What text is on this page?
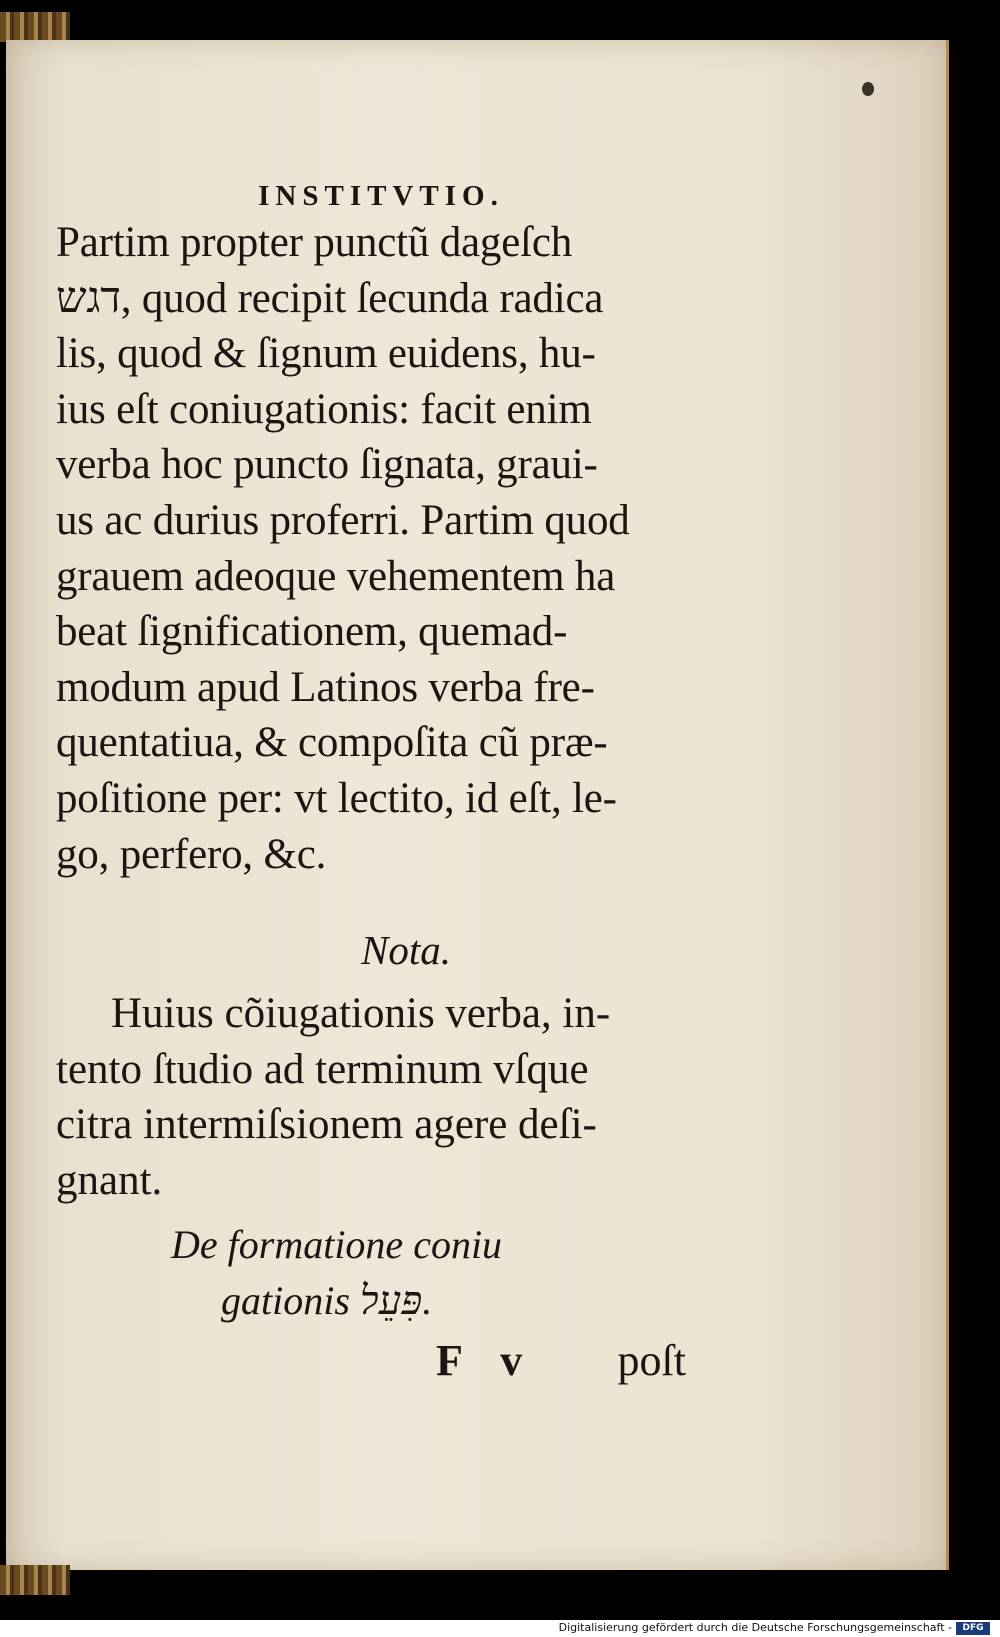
INSTITVTIO.

Partim propter punctũ dageſch
דגש, quod recipit ſecunda radica
lis, quod & ſignum euidens, hu-
ius eſt coniugationis: facit enim
verba hoc puncto ſignata, graui-
us ac durius proferri. Partim quod
grauem adeoque vehementem ha
beat ſignificationem, quemad-
modum apud Latinos verba fre-
quentatiua, & compoſita cũ præ-
poſitione per: vt lectito, id eſt, le-
go, perfero, &c.

Nota.

Huius cõiugationis verba, in-
tento ſtudio ad terminum vſque
citra intermiſsionem agere deſi-
gnant.

De formatione coniu
gationis פִּעֵל.
F v poſt
Digitalisierung gefördert durch die Deutsche Forschungsgemeinschaft -	DFG
